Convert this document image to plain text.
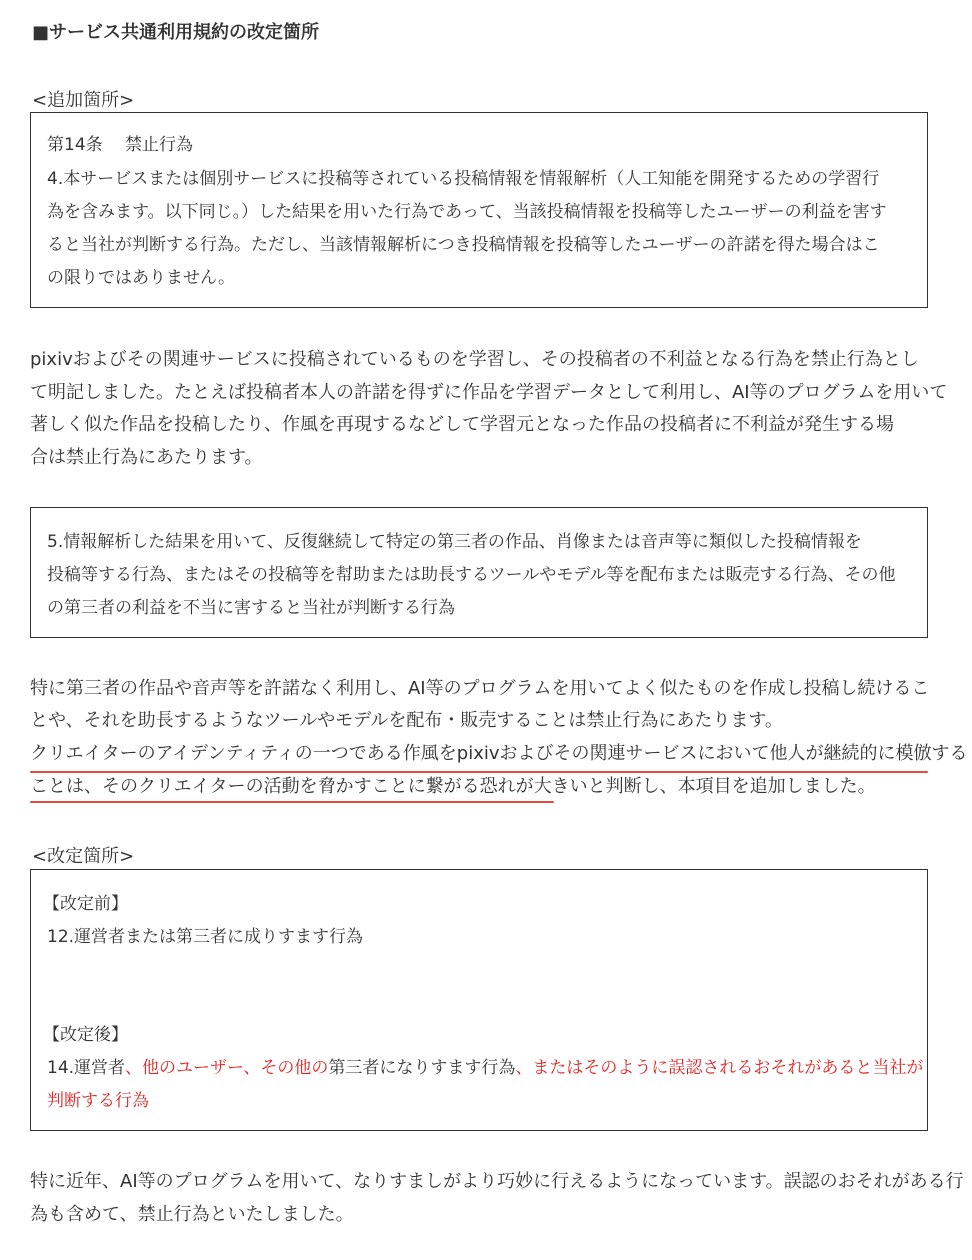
■サービス共通利用規約の改定箇所
<追加箇所>
第14条　 禁止行為
4.本サービスまたは個別サービスに投稿等されている投稿情報を情報解析（人工知能を開発するための学習行
為を含みます。以下同じ。）した結果を用いた行為であって、当該投稿情報を投稿等したユーザーの利益を害す
ると当社が判断する行為。ただし、当該情報解析につき投稿情報を投稿等したユーザーの許諾を得た場合はこ
の限りではありません。
pixivおよびその関連サービスに投稿されているものを学習し、その投稿者の不利益となる行為を禁止行為とし
て明記しました。たとえば投稿者本人の許諾を得ずに作品を学習データとして利用し、AI等のプログラムを用いて
著しく似た作品を投稿したり、作風を再現するなどして学習元となった作品の投稿者に不利益が発生する場
合は禁止行為にあたります。
5.情報解析した結果を用いて、反復継続して特定の第三者の作品、肖像または音声等に類似した投稿情報を
投稿等する行為、またはその投稿等を幇助または助長するツールやモデル等を配布または販売する行為、その他
の第三者の利益を不当に害すると当社が判断する行為
特に第三者の作品や音声等を許諾なく利用し、AI等のプログラムを用いてよく似たものを作成し投稿し続けるこ
とや、それを助長するようなツールやモデルを配布・販売することは禁止行為にあたります。
クリエイターのアイデンティティの一つである作風をpixivおよびその関連サービスにおいて他人が継続的に模倣する
ことは、そのクリエイターの活動を脅かすことに繋がる恐れが大きいと判断し、本項目を追加しました。
<改定箇所>
【改定前】
12.運営者または第三者に成りすます行為
【改定後】
14.運営者、他のユーザー、その他の第三者になりすます行為、またはそのように誤認されるおそれがあると当社が
判断する行為
特に近年、AI等のプログラムを用いて、なりすましがより巧妙に行えるようになっています。誤認のおそれがある行
為も含めて、禁止行為といたしました。
